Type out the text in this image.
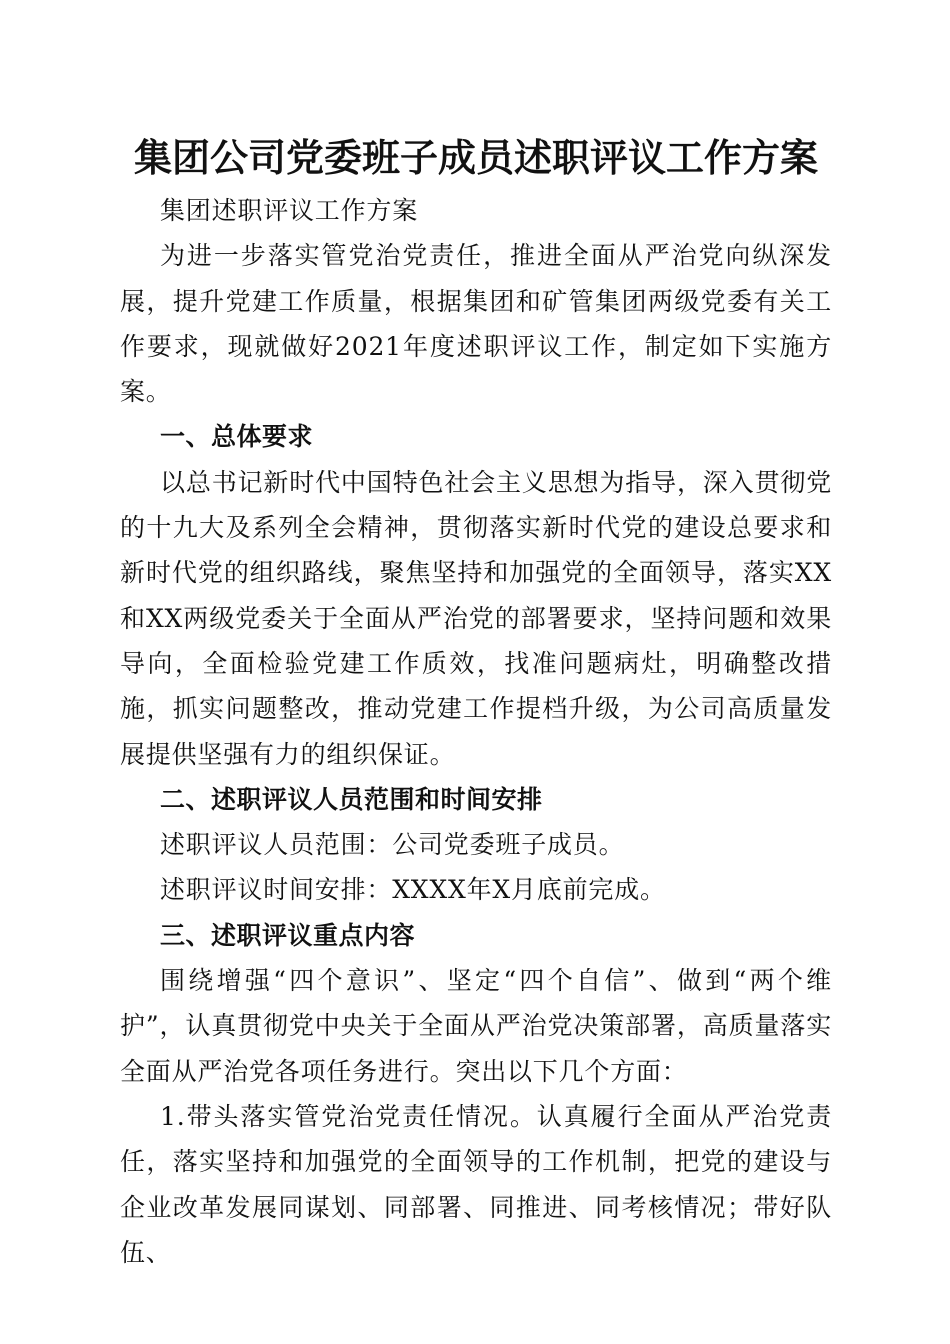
集团公司党委班子成员述职评议工作方案

集团述职评议工作方案

为进一步落实管党治党责任，推进全面从严治党向纵深发展，提升党建工作质量，根据集团和矿管集团两级党委有关工作要求，现就做好2021年度述职评议工作，制定如下实施方案。

一、总体要求

以总书记新时代中国特色社会主义思想为指导，深入贯彻党的十九大及系列全会精神，贯彻落实新时代党的建设总要求和新时代党的组织路线，聚焦坚持和加强党的全面领导，落实XX和XX两级党委关于全面从严治党的部署要求，坚持问题和效果导向，全面检验党建工作质效，找准问题病灶，明确整改措施，抓实问题整改，推动党建工作提档升级，为公司高质量发展提供坚强有力的组织保证。

二、述职评议人员范围和时间安排

述职评议人员范围：公司党委班子成员。

述职评议时间安排：XXXX年X月底前完成。

三、述职评议重点内容

围绕增强“四个意识”、坚定“四个自信”、做到“两个维护”，认真贯彻党中央关于全面从严治党决策部署，高质量落实全面从严治党各项任务进行。突出以下几个方面：

1.带头落实管党治党责任情况。认真履行全面从严治党责任，落实坚持和加强党的全面领导的工作机制，把党的建设与企业改革发展同谋划、同部署、同推进、同考核情况；带好队伍、
